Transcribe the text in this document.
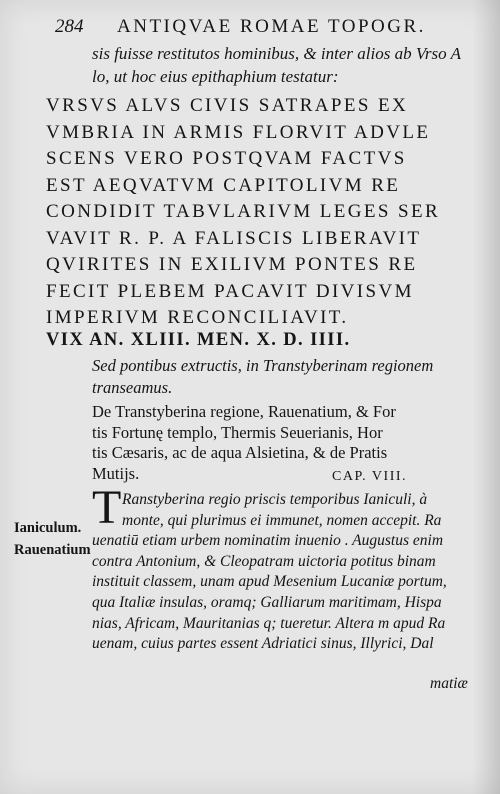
284 ANTIQVAE ROMAE TOPOGR.
sis fuisse restitutos hominibus, & inter alios ab Vrso A
lo, ut hoc eius epithaphium testatur:
VRSVS ALVS CIVIS SATRAPES EX
VMBRIA IN ARMIS FLORVIT ADVLE
SCENS VERO POSTQVAM FACTVS
EST AEQVATVM CAPITOLIVM RE
CONDIDIT TABVLARIVM LEGES SER
VAVIT R. P. A FALISCIS LIBERAVIT
QVIRITES IN EXILIVM PONTES RE
FECIT PLEBEM PACAVIT DIVISVM
IMPERIVM RECONCILIAVIT.
VIX AN. XLIII. MEN. X. D. IIII.
Sed pontibus extructis, in Transtyberinam regionem
transeamus.
De Transtyberina regione, Rauenatium, & For
tis Fortunę templo, Thermis Seuerianis, Hor
tis Cæsaris, ac de aqua Alsietina, & de Pratis
Mutijs.	CAP. VIII.
T Ranstyberina regio priscis temporibus Ianiculi, à
monte, qui plurimus ei immunet, nomen accepit. Ra
uenatiū etiam urbem nominatim inuenio . Augustus enim
contra Antonium, & Cleopatram uictoria potitus binam
instituit classem, unam apud Mesenium Lucaniæ portum,
qua Italiæ insulas, oramq; Galliarum maritimam, Hispa
nias, Africam, Mauritanias q; tueretur. Altera m apud Ra
uenam, cuius partes essent Adriatici sinus, Illyrici, Dal
Ianiculum.
Rauenatium
matiæ
